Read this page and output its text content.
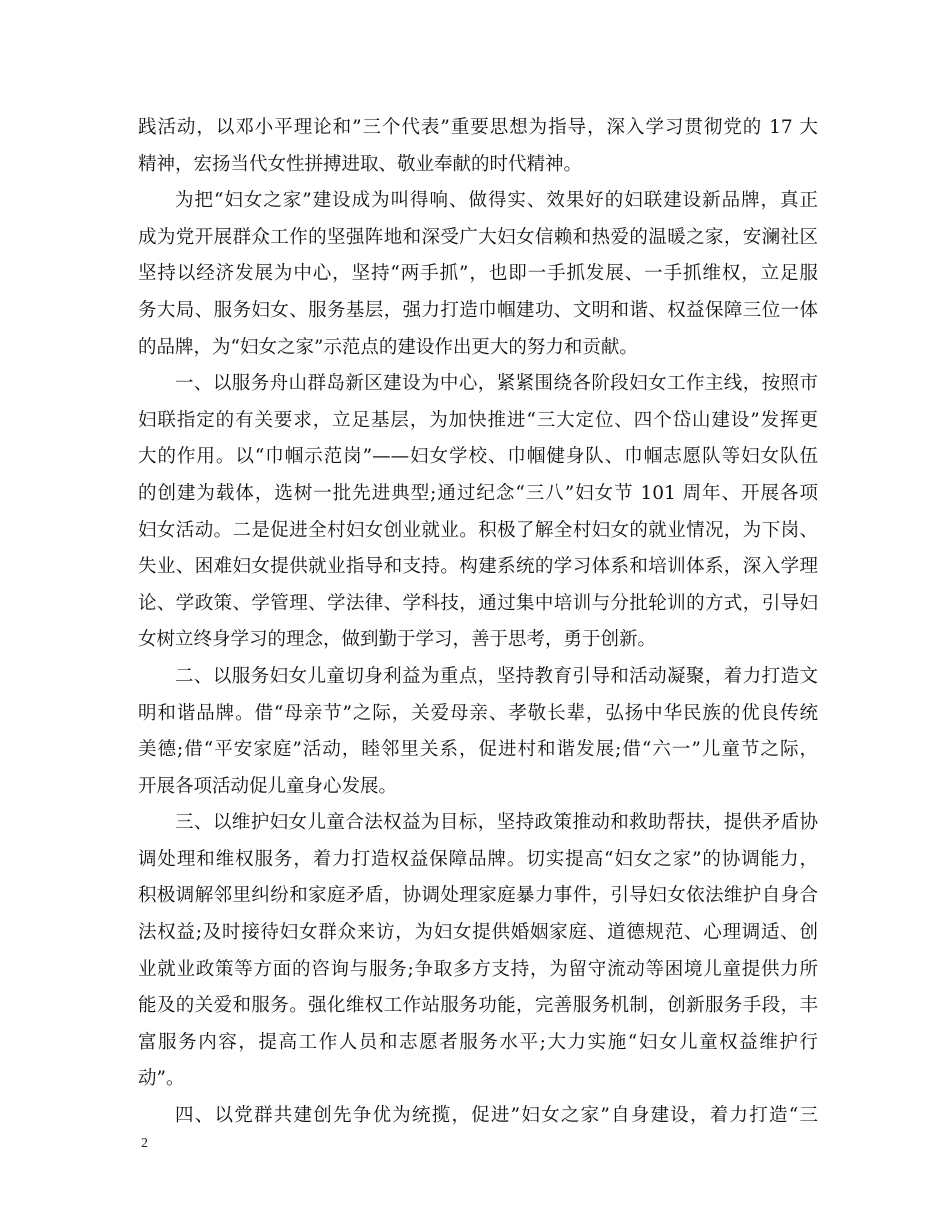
践活动，以邓小平理论和”三个代表”重要思想为指导，深入学习贯彻党的 17 大
精神，宏扬当代女性拼搏进取、敬业奉献的时代精神。
为把“妇女之家”建设成为叫得响、做得实、效果好的妇联建设新品牌，真正
成为党开展群众工作的坚强阵地和深受广大妇女信赖和热爱的温暖之家，安澜社区
坚持以经济发展为中心，坚持“两手抓”，也即一手抓发展、一手抓维权，立足服
务大局、服务妇女、服务基层，强力打造巾帼建功、文明和谐、权益保障三位一体
的品牌，为“妇女之家”示范点的建设作出更大的努力和贡献。
一、以服务舟山群岛新区建设为中心，紧紧围绕各阶段妇女工作主线，按照市
妇联指定的有关要求，立足基层，为加快推进“三大定位、四个岱山建设”发挥更
大的作用。以“巾帼示范岗”——妇女学校、巾帼健身队、巾帼志愿队等妇女队伍
的创建为载体，选树一批先进典型;通过纪念“三八”妇女节 101 周年、开展各项
妇女活动。二是促进全村妇女创业就业。积极了解全村妇女的就业情况，为下岗、
失业、困难妇女提供就业指导和支持。构建系统的学习体系和培训体系，深入学理
论、学政策、学管理、学法律、学科技，通过集中培训与分批轮训的方式，引导妇
女树立终身学习的理念，做到勤于学习，善于思考，勇于创新。
二、以服务妇女儿童切身利益为重点，坚持教育引导和活动凝聚，着力打造文
明和谐品牌。借“母亲节”之际，关爱母亲、孝敬长辈，弘扬中华民族的优良传统
美德;借“平安家庭”活动，睦邻里关系，促进村和谐发展;借“六一”儿童节之际，
开展各项活动促儿童身心发展。
三、以维护妇女儿童合法权益为目标，坚持政策推动和救助帮扶，提供矛盾协
调处理和维权服务，着力打造权益保障品牌。切实提高“妇女之家”的协调能力，
积极调解邻里纠纷和家庭矛盾，协调处理家庭暴力事件，引导妇女依法维护自身合
法权益;及时接待妇女群众来访，为妇女提供婚姻家庭、道德规范、心理调适、创
业就业政策等方面的咨询与服务;争取多方支持，为留守流动等困境儿童提供力所
能及的关爱和服务。强化维权工作站服务功能，完善服务机制，创新服务手段，丰
富服务内容，提高工作人员和志愿者服务水平;大力实施“妇女儿童权益维护行
动”。
四、以党群共建创先争优为统揽，促进”妇女之家”自身建设，着力打造“三
2
